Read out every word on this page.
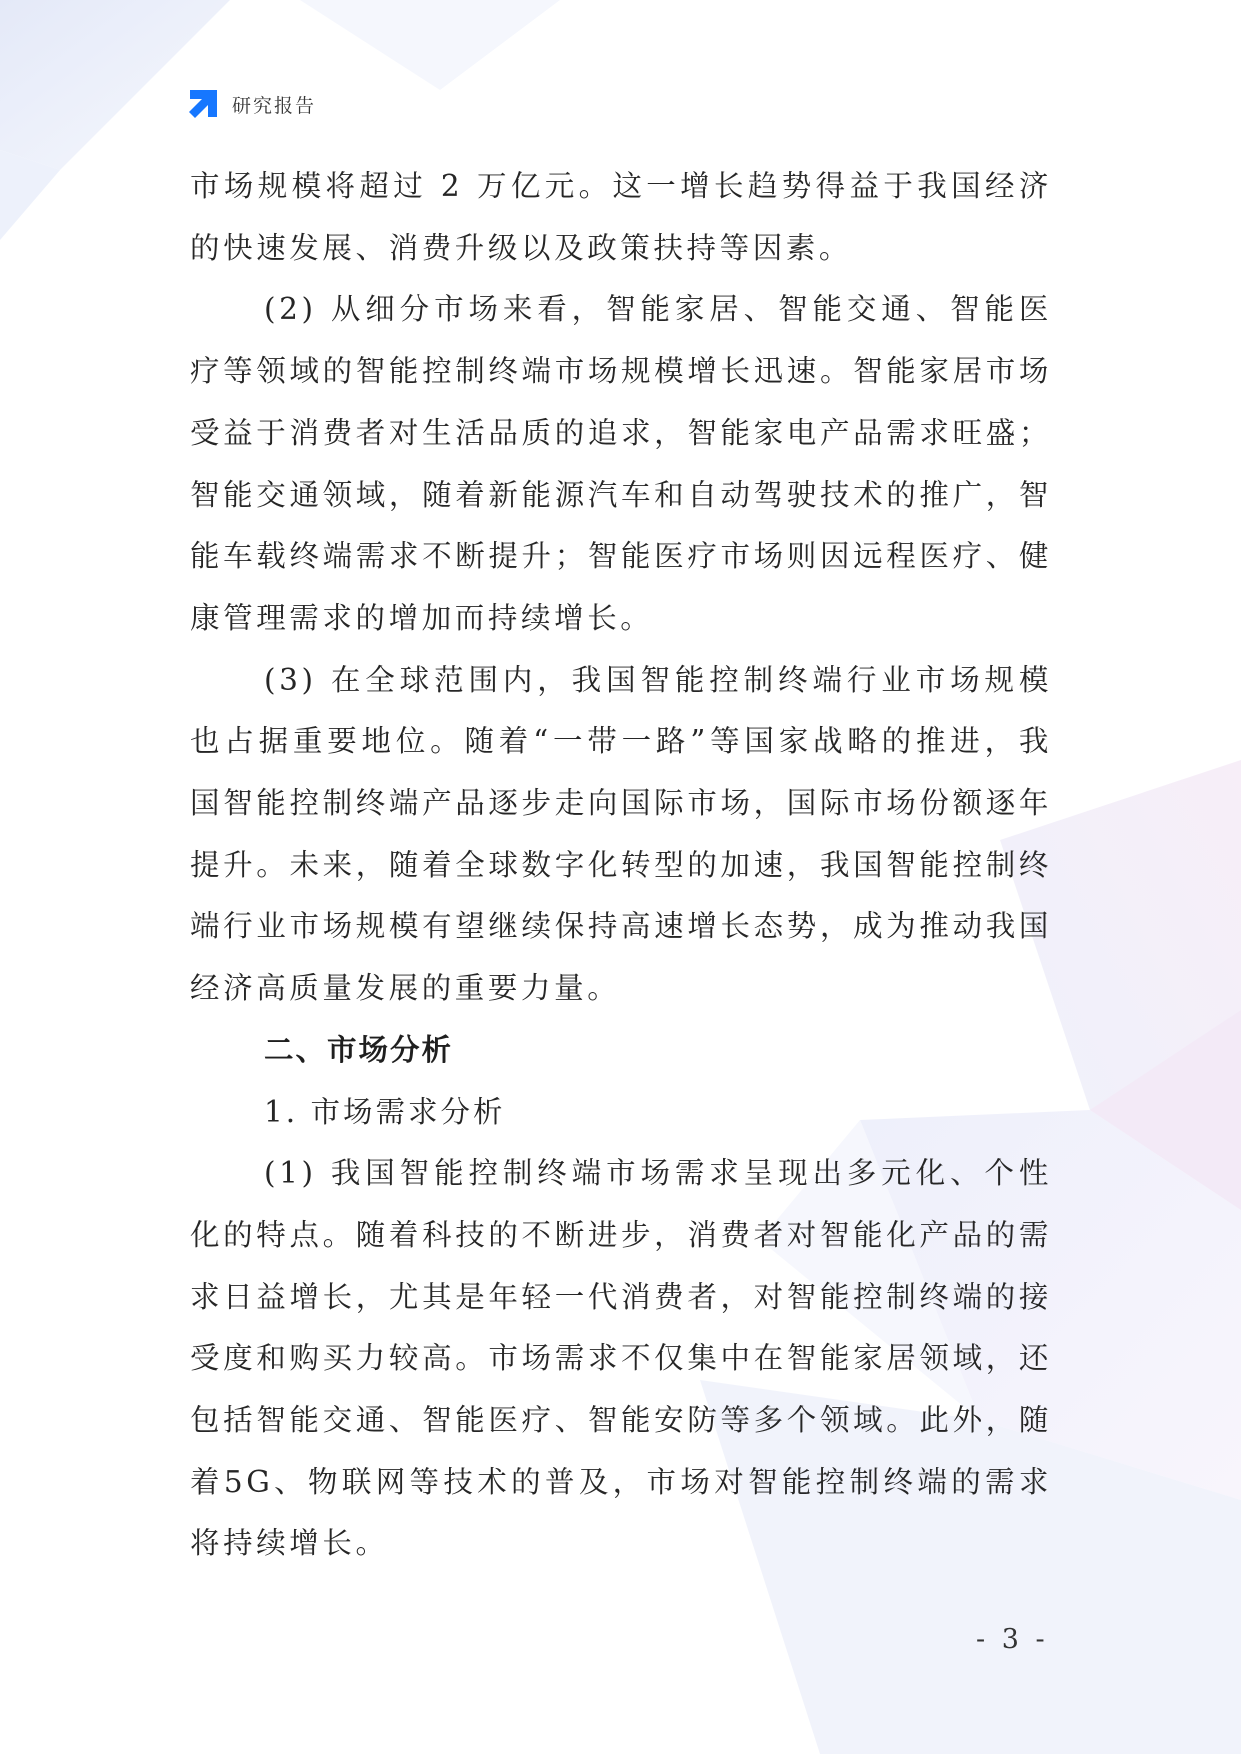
研究报告

市场规模将超过 2 万亿元。这一增长趋势得益于我国经济的快速发展、消费升级以及政策扶持等因素。

(2) 从细分市场来看，智能家居、智能交通、智能医疗等领域的智能控制终端市场规模增长迅速。智能家居市场受益于消费者对生活品质的追求，智能家电产品需求旺盛；智能交通领域，随着新能源汽车和自动驾驶技术的推广，智能车载终端需求不断提升；智能医疗市场则因远程医疗、健康管理需求的增加而持续增长。

(3) 在全球范围内，我国智能控制终端行业市场规模也占据重要地位。随着“一带一路”等国家战略的推进，我国智能控制终端产品逐步走向国际市场，国际市场份额逐年提升。未来，随着全球数字化转型的加速，我国智能控制终端行业市场规模有望继续保持高速增长态势，成为推动我国经济高质量发展的重要力量。

二、市场分析

1. 市场需求分析

(1) 我国智能控制终端市场需求呈现出多元化、个性化的特点。随着科技的不断进步，消费者对智能化产品的需求日益增长，尤其是年轻一代消费者，对智能控制终端的接受度和购买力较高。市场需求不仅集中在智能家居领域，还包括智能交通、智能医疗、智能安防等多个领域。此外，随着5G、物联网等技术的普及，市场对智能控制终端的需求将持续增长。

- 3 -
